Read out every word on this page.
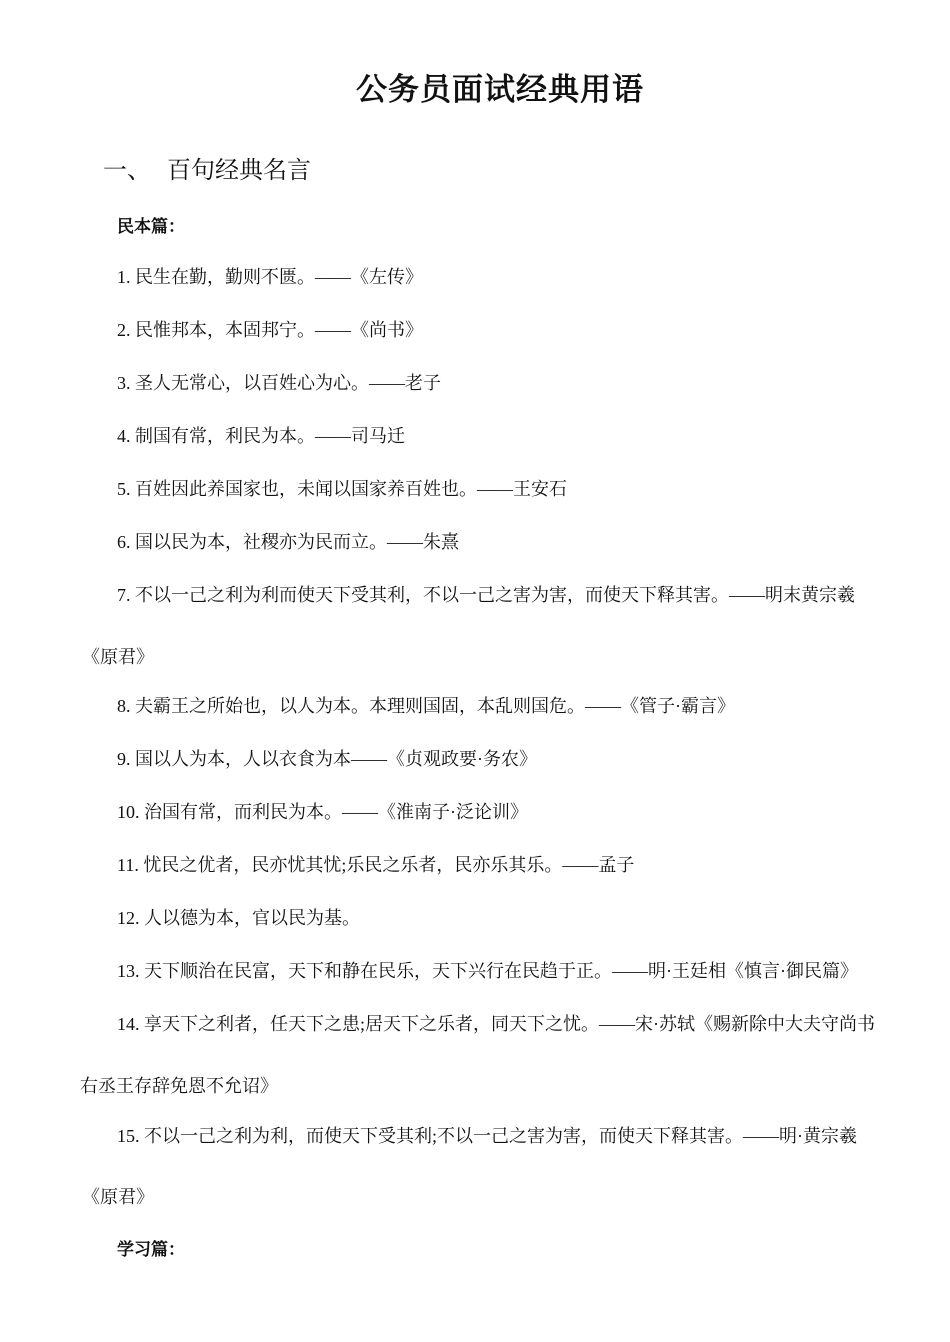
公务员面试经典用语
一、 百句经典名言
民本篇：
1. 民生在勤，勤则不匮。——《左传》
2. 民惟邦本，本固邦宁。——《尚书》
3. 圣人无常心，以百姓心为心。——老子
4. 制国有常，利民为本。——司马迁
5. 百姓因此养国家也，未闻以国家养百姓也。——王安石
6. 国以民为本，社稷亦为民而立。——朱熹
7. 不以一己之利为利而使天下受其利，不以一己之害为害，而使天下释其害。——明末黄宗羲
《原君》
8. 夫霸王之所始也，以人为本。本理则国固，本乱则国危。——《管子·霸言》
9. 国以人为本，人以衣食为本——《贞观政要·务农》
10. 治国有常，而利民为本。——《淮南子·泛论训》
11. 忧民之优者，民亦忧其忧;乐民之乐者，民亦乐其乐。——孟子
12. 人以德为本，官以民为基。
13. 天下顺治在民富，天下和静在民乐，天下兴行在民趋于正。——明·王廷相《慎言·御民篇》
14. 享天下之利者，任天下之患;居天下之乐者，同天下之忧。——宋·苏轼《赐新除中大夫守尚书
右丞王存辞免恩不允诏》
15. 不以一己之利为利，而使天下受其利;不以一己之害为害，而使天下释其害。——明·黄宗羲
《原君》
学习篇：
